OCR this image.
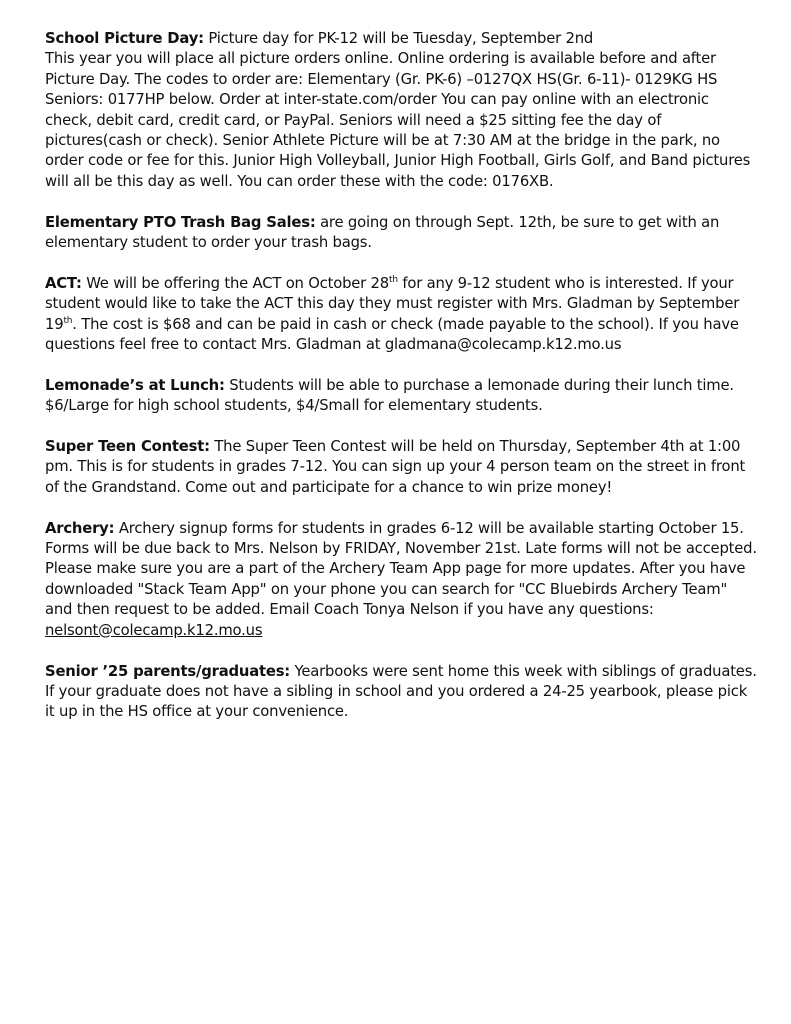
School Picture Day: Picture day for PK-12 will be Tuesday, September 2nd
This year you will place all picture orders online. Online ordering is available before and after Picture Day. The codes to order are: Elementary (Gr. PK-6) –0127QX HS(Gr. 6-11)- 0129KG HS Seniors: 0177HP below. Order at inter-state.com/order You can pay online with an electronic check, debit card, credit card, or PayPal. Seniors will need a $25 sitting fee the day of pictures(cash or check). Senior Athlete Picture will be at 7:30 AM at the bridge in the park, no order code or fee for this. Junior High Volleyball, Junior High Football, Girls Golf, and Band pictures will all be this day as well. You can order these with the code: 0176XB.

Elementary PTO Trash Bag Sales: are going on through Sept. 12th, be sure to get with an elementary student to order your trash bags.

ACT: We will be offering the ACT on October 28th for any 9-12 student who is interested. If your student would like to take the ACT this day they must register with Mrs. Gladman by September 19th. The cost is $68 and can be paid in cash or check (made payable to the school). If you have questions feel free to contact Mrs. Gladman at gladmana@colecamp.k12.mo.us

Lemonade’s at Lunch: Students will be able to purchase a lemonade during their lunch time. $6/Large for high school students, $4/Small for elementary students.

Super Teen Contest: The Super Teen Contest will be held on Thursday, September 4th at 1:00 pm. This is for students in grades 7-12. You can sign up your 4 person team on the street in front of the Grandstand. Come out and participate for a chance to win prize money!

Archery: Archery signup forms for students in grades 6-12 will be available starting October 15. Forms will be due back to Mrs. Nelson by FRIDAY, November 21st. Late forms will not be accepted. Please make sure you are a part of the Archery Team App page for more updates. After you have downloaded "Stack Team App" on your phone you can search for "CC Bluebirds Archery Team" and then request to be added. Email Coach Tonya Nelson if you have any questions: nelsont@colecamp.k12.mo.us

Senior ’25 parents/graduates: Yearbooks were sent home this week with siblings of graduates. If your graduate does not have a sibling in school and you ordered a 24-25 yearbook, please pick it up in the HS office at your convenience.
